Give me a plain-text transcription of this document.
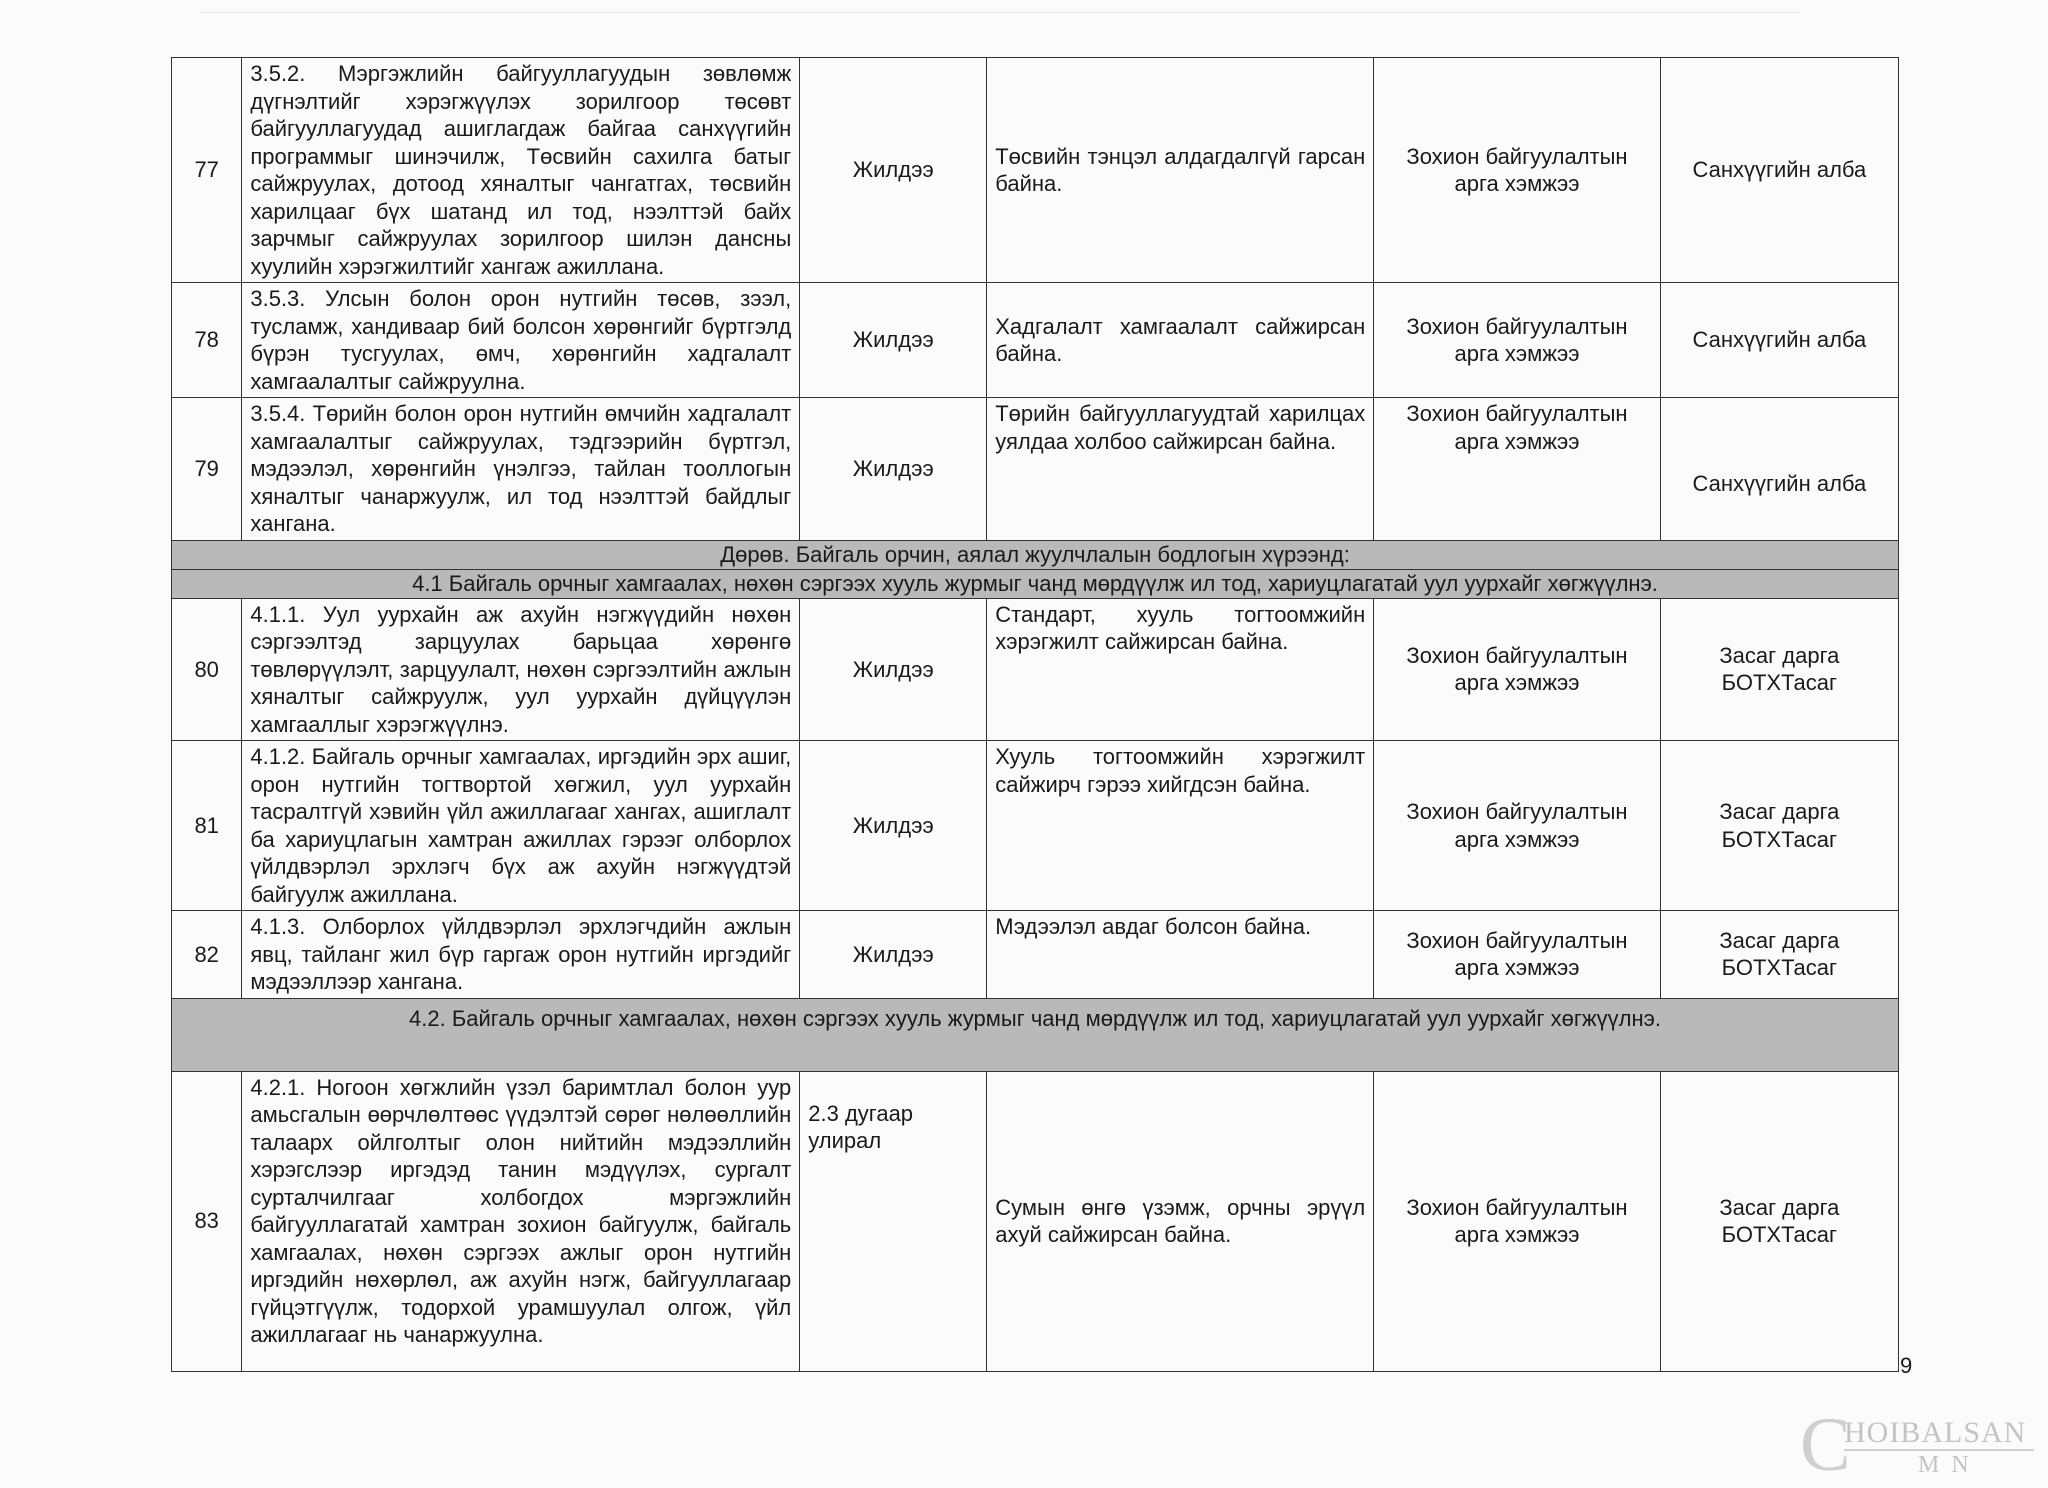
77	3.5.2. Мэргэжлийн байгууллагуудын зөвлөмж дүгнэлтийг хэрэгжүүлэх зорилгоор төсөвт байгууллагуудад ашиглагдаж байгаа санхүүгийн программыг шинэчилж, Төсвийн сахилга батыг сайжруулах, дотоод хяналтыг чангатгах, төсвийн харилцааг бүх шатанд ил тод, нээлттэй байх зарчмыг сайжруулах зорилгоор шилэн дансны хуулийн хэрэгжилтийг хангаж ажиллана.	Жилдээ	Төсвийн тэнцэл алдагдалгүй гарсан байна.	Зохион байгуулалтын арга хэмжээ	Санхүүгийн алба
78	3.5.3. Улсын болон орон нутгийн төсөв, зээл, тусламж, хандиваар бий болсон хөрөнгийг бүртгэлд бүрэн тусгуулах, өмч, хөрөнгийн хадгалалт хамгаалалтыг сайжруулна.	Жилдээ	Хадгалалт хамгаалалт сайжирсан байна.	Зохион байгуулалтын арга хэмжээ	Санхүүгийн алба
79	3.5.4. Төрийн болон орон нутгийн өмчийн хадгалалт хамгаалалтыг сайжруулах, тэдгээрийн бүртгэл, мэдээлэл, хөрөнгийн үнэлгээ, тайлан тооллогын хяналтыг чанаржуулж, ил тод нээлттэй байдлыг хангана.	Жилдээ	Төрийн байгууллагуудтай харилцах уялдаа холбоо сайжирсан байна.	Зохион байгуулалтын арга хэмжээ	Санхүүгийн алба
Дөрөв. Байгаль орчин, аялал жуулчлалын бодлогын хүрээнд:					
4.1 Байгаль орчныг хамгаалах, нөхөн сэргээх хууль журмыг чанд мөрдүүлж ил тод, хариуцлагатай уул уурхайг хөгжүүлнэ.					
80	4.1.1. Уул уурхайн аж ахуйн нэгжүүдийн нөхөн сэргээлтэд зарцуулах барьцаа хөрөнгө төвлөрүүлэлт, зарцуулалт, нөхөн сэргээлтийн ажлын хяналтыг сайжруулж, уул уурхайн дүйцүүлэн хамгааллыг хэрэгжүүлнэ.	Жилдээ	Стандарт, хууль тогтоомжийн хэрэгжилт сайжирсан байна.	Зохион байгуулалтын арга хэмжээ	Засаг дарга
БОТХТасаг

81	4.1.2. Байгаль орчныг хамгаалах, иргэдийн эрх ашиг, орон нутгийн тогтвортой хөгжил, уул уурхайн тасралтгүй хэвийн үйл ажиллагааг хангах, ашиглалт ба хариуцлагын хамтран ажиллах гэрээг олборлох үйлдвэрлэл эрхлэгч бүх аж ахуйн нэгжүүдтэй байгуулж ажиллана.	Жилдээ	Хууль тогтоомжийн хэрэгжилт сайжирч гэрээ хийгдсэн байна.	Зохион байгуулалтын арга хэмжээ	Засаг дарга
БОТХТасаг

82	4.1.3. Олборлох үйлдвэрлэл эрхлэгчдийн ажлын явц, тайланг жил бүр гаргаж орон нутгийн иргэдийг мэдээллээр хангана.	Жилдээ	Мэдээлэл авдаг болсон байна.	Зохион байгуулалтын арга хэмжээ	Засаг дарга
БОТХТасаг

4.2. Байгаль орчныг хамгаалах, нөхөн сэргээх хууль журмыг чанд мөрдүүлж ил тод, хариуцлагатай уул уурхайг хөгжүүлнэ.					
83	4.2.1. Ногоон хөгжлийн үзэл баримтлал болон уур амьсгалын өөрчлөлтөөс үүдэлтэй сөрөг нөлөөллийн талаарх ойлголтыг олон нийтийн мэдээллийн хэрэгслээр иргэдэд танин мэдүүлэх, сургалт сурталчилгааг холбогдох мэргэжлийн байгууллагатай хамтран зохион байгуулж, байгаль хамгаалах, нөхөн сэргээх ажлыг орон нутгийн иргэдийн нөхөрлөл, аж ахуйн нэгж, байгууллагаар гүйцэтгүүлж, тодорхой урамшуулал олгож, үйл ажиллагааг нь чанаржуулна.	2.3 дугаар улирал	Сумын өнгө үзэмж, орчны эрүүл ахуй сайжирсан байна.	Зохион байгуулалтын арга хэмжээ	Засаг дарга
БОТХТасаг
9
C
HOIBALSAN
MN
